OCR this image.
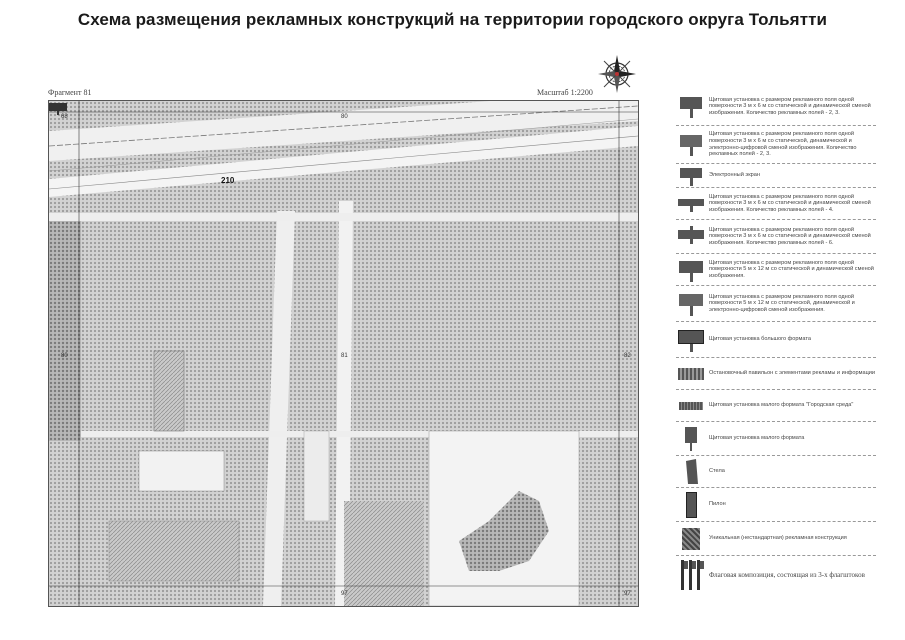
Схема размещения рекламных конструкций на территории городского округа Тольятти
Фрагмент 81	Масштаб 1:2200
68	80
80	81	82
97	97
210
Щитовая установка с размером рекламного поля одной поверхности 3 м х 6 м со статической и динамической сменой изображения. Количество рекламных полей - 2, 3.
Щитовая установка с размером рекламного поля одной поверхности 3 м х 6 м со статической, динамической и электронно-цифровой сменой изображения. Количество рекламных полей - 2, 3.
Электронный экран
Щитовая установка с размером рекламного поля одной поверхности 3 м х 6 м со статической и динамической сменой изображения. Количество рекламных полей - 4.
Щитовая установка с размером рекламного поля одной поверхности 3 м х 6 м со статической и динамической сменой изображения. Количество рекламных полей - 6.
Щитовая установка с размером рекламного поля одной поверхности 5 м х 12 м со статической и динамической сменой изображения.
Щитовая установка с размером рекламного поля одной поверхности 5 м х 12 м со статической, динамической и электронно-цифровой сменой изображения.
Щитовая установка большого формата
Остановочный павильон с элементами рекламы и информации
Щитовая установка малого формата "Городская среда"
Щитовая установка малого формата
Стела
Пилон
Уникальная (нестандартная) рекламная конструкция
Флаговая композиция, состоящая из 3-х флагштоков
